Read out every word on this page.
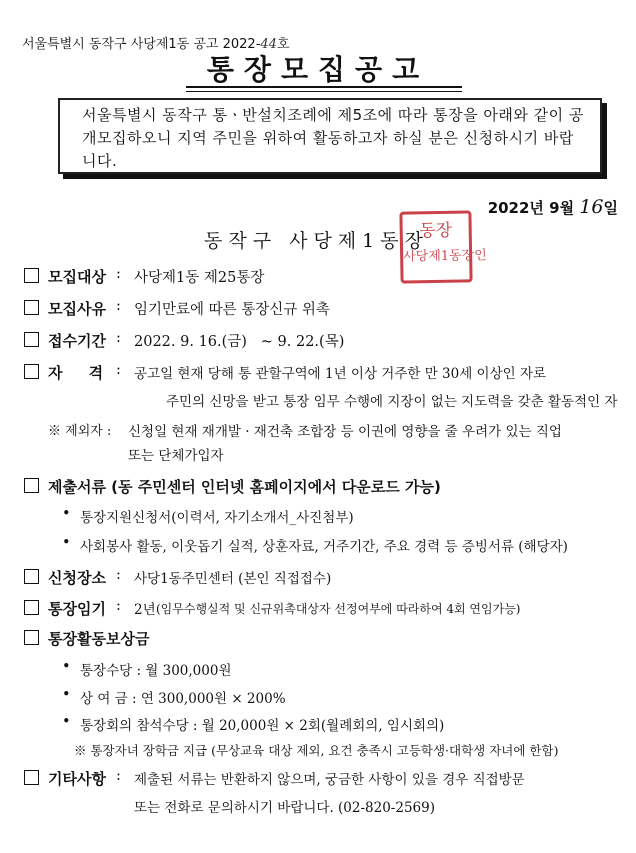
서울특별시 동작구 사당제1동 공고 2022-44호
통장모집공고
서울특별시 동작구 통ㆍ반설치조례에 제5조에 따라 통장을 아래와 같이 공개모집하오니 지역 주민을 위하여 활동하고자 하실 분은 신청하시기 바랍니다.
2022년 9월 16일
동작구 사당제1동장
동장
사당제1동장인
모집대상 : 사당제1동 제25통장
모집사유 : 임기만료에 따른 통장신규 위촉
접수기간 : 2022. 9. 16.(금)   ~ 9. 22.(목)
자     격 : 공고일 현재 당해 통 관할구역에 1년 이상 거주한 만 30세 이상인 자로
주민의 신망을 받고 통장 임무 수행에 지장이 없는 지도력을 갖춘 활동적인 자
※ 제외자 : 신청일 현재 재개발 · 재건축 조합장 등 이권에 영향을 줄 우려가 있는 직업
또는 단체가입자
제출서류 (동 주민센터 인터넷 홈페이지에서 다운로드 가능)
• 통장지원신청서(이력서, 자기소개서_사진첨부)
• 사회봉사 활동, 이웃돕기 실적, 상훈자료, 거주기간, 주요 경력 등 증빙서류 (해당자)
신청장소 : 사당1동주민센터 (본인 직접접수)
통장임기 : 2년 (임무수행실적 및 신규위촉대상자 선정여부에 따라하여 4회 연임가능)
통장활동보상금
• 통장수당 : 월 300,000원
• 상 여 금 : 연 300,000원 × 200%
• 통장회의 참석수당 : 월 20,000원 × 2회(월례회의, 임시회의)
※ 통장자녀 장학금 지급 (무상교육 대상 제외, 요건 충족시 고등학생·대학생 자녀에 한함)
기타사항 : 제출된 서류는 반환하지 않으며, 궁금한 사항이 있을 경우 직접방문
또는 전화로 문의하시기 바랍니다. (02-820-2569)
